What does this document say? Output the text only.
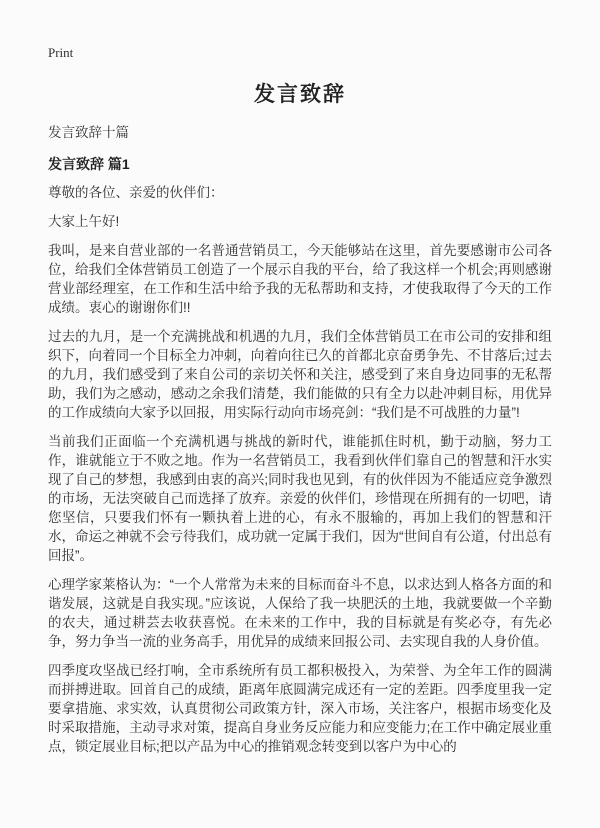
Print
发言致辞

发言致辞十篇

发言致辞 篇1

尊敬的各位、亲爱的伙伴们：

大家上午好!

我叫，是来自营业部的一名普通营销员工，今天能够站在这里，首先要感谢市公司各位，给我们全体营销员工创造了一个展示自我的平台，给了我这样一个机会;再则感谢营业部经理室，在工作和生活中给予我的无私帮助和支持，才使我取得了今天的工作成绩。衷心的谢谢你们!!

过去的九月，是一个充满挑战和机遇的九月，我们全体营销员工在市公司的安排和组织下，向着同一个目标全力冲刺，向着向往已久的首都北京奋勇争先、不甘落后;过去的九月，我们感受到了来自公司的亲切关怀和关注，感受到了来自身边同事的无私帮助，我们为之感动，感动之余我们清楚，我们能做的只有全力以赴冲刺目标，用优异的工作成绩向大家予以回报，用实际行动向市场亮剑：“我们是不可战胜的力量”!

当前我们正面临一个充满机遇与挑战的新时代，谁能抓住时机，勤于动脑，努力工作，谁就能立于不败之地。作为一名营销员工，我看到伙伴们靠自己的智慧和汗水实现了自己的梦想，我感到由衷的高兴;同时我也见到，有的伙伴因为不能适应竞争激烈的市场，无法突破自己而选择了放弃。亲爱的伙伴们，珍惜现在所拥有的一切吧，请您坚信，只要我们怀有一颗执着上进的心，有永不服输的，再加上我们的智慧和汗水，命运之神就不会亏待我们，成功就一定属于我们，因为“世间自有公道，付出总有回报”。

心理学家莱格认为：“一个人常常为未来的目标而奋斗不息，以求达到人格各方面的和谐发展，这就是自我实现。”应该说，人保给了我一块肥沃的土地，我就要做一个辛勤的农夫，通过耕芸去收获喜悦。在未来的工作中，我的目标就是有奖必夺，有先必争，努力争当一流的业务高手，用优异的成绩来回报公司、去实现自我的人身价值。

四季度攻坚战已经打响，全市系统所有员工都积极投入，为荣誉、为全年工作的圆满而拼搏进取。回首自己的成绩，距离年底圆满完成还有一定的差距。四季度里我一定要拿措施、求实效，认真贯彻公司政策方针，深入市场，关注客户，根据市场变化及时采取措施，主动寻求对策，提高自身业务反应能力和应变能力;在工作中确定展业重点，锁定展业目标;把以产品为中心的推销观念转变到以客户为中心的
